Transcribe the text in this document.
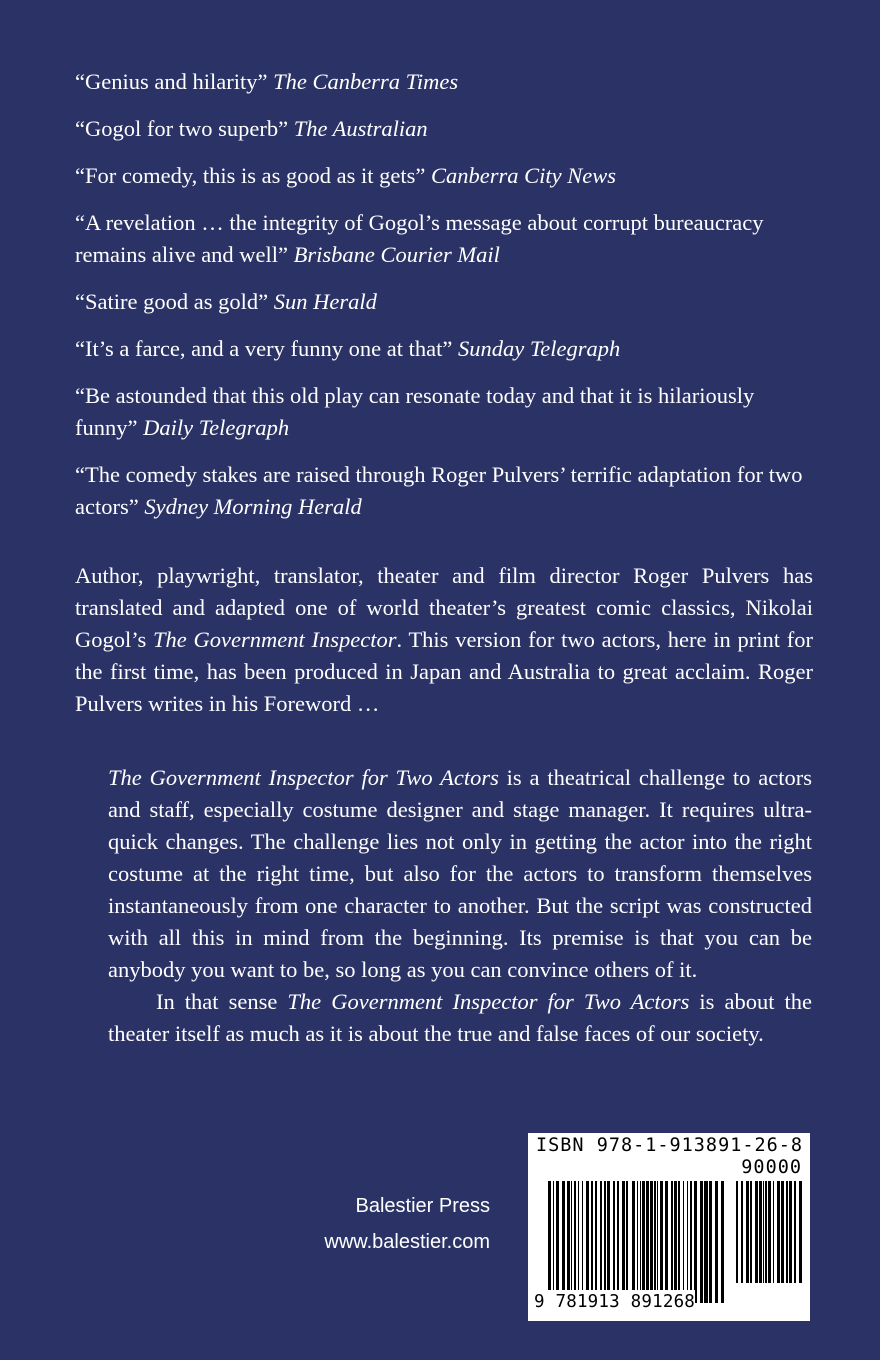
“Genius and hilarity” The Canberra Times

“Gogol for two superb” The Australian

“For comedy, this is as good as it gets” Canberra City News

“A revelation … the integrity of Gogol’s message about corrupt bureaucracy remains alive and well” Brisbane Courier Mail

“Satire good as gold” Sun Herald

“It’s a farce, and a very funny one at that” Sunday Telegraph

“Be astounded that this old play can resonate today and that it is hilariously funny” Daily Telegraph

“The comedy stakes are raised through Roger Pulvers’ terrific adaptation for two actors” Sydney Morning Herald

Author, playwright, translator, theater and film director Roger Pulvers has translated and adapted one of world theater’s greatest comic classics, Nikolai Gogol’s The Government Inspector. This version for two actors, here in print for the first time, has been produced in Japan and Australia to great acclaim. Roger Pulvers writes in his Foreword …

The Government Inspector for Two Actors is a theatrical challenge to actors and staff, especially costume designer and stage manager. It requires ultra-quick changes. The challenge lies not only in getting the actor into the right costume at the right time, but also for the actors to transform themselves instantaneously from one character to another. But the script was constructed with all this in mind from the beginning. Its premise is that you can be anybody you want to be, so long as you can convince others of it.

In that sense The Government Inspector for Two Actors is about the theater itself as much as it is about the true and false faces of our society.

Balestier Press
www.balestier.com
ISBN 978-1-913891-26-8
90000
9 781913 891268
